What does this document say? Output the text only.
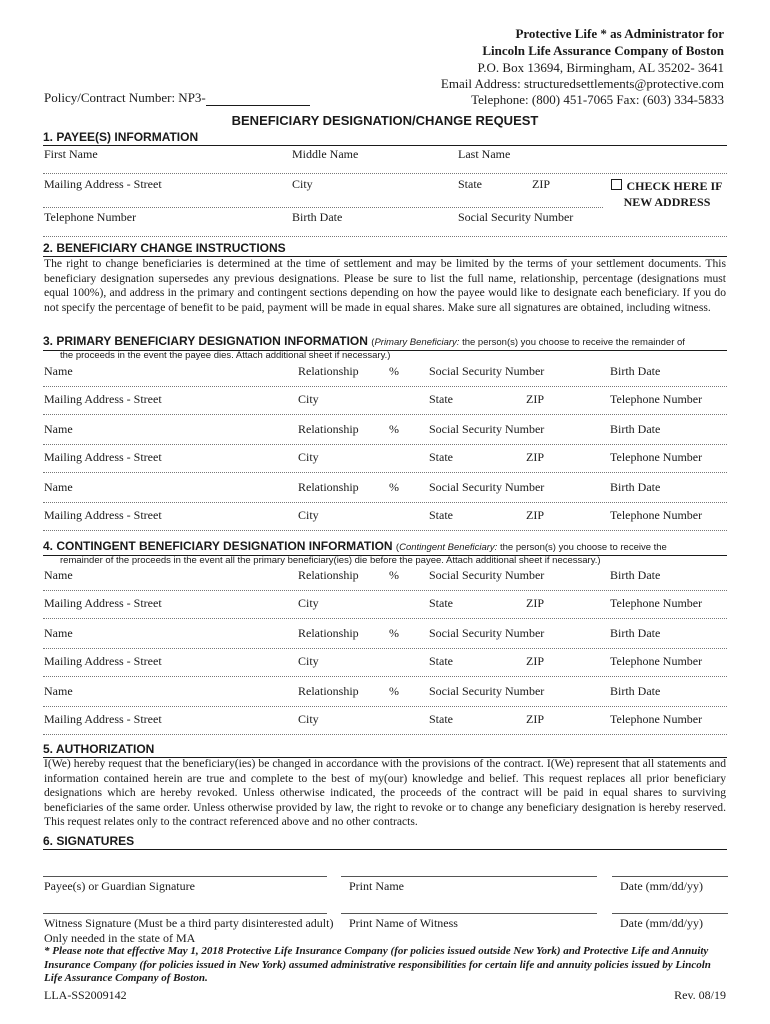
Protective Life * as Administrator for
Lincoln Life Assurance Company of Boston
P.O. Box 13694, Birmingham, AL 35202- 3641
Email Address: structuredsettlements@protective.com
Telephone: (800) 451-7065 Fax: (603) 334-5833
Policy/Contract Number: NP3-
BENEFICIARY DESIGNATION/CHANGE REQUEST
1. PAYEE(S) INFORMATION
First Name	Middle Name	Last Name
Mailing Address - Street	City	State	ZIP	CHECK HERE IF
NEW ADDRESS
Telephone Number	Birth Date	Social Security Number
2. BENEFICIARY CHANGE INSTRUCTIONS
The right to change beneficiaries is determined at the time of settlement and may be limited by the terms of your settlement documents. This beneficiary designation supersedes any previous designations. Please be sure to list the full name, relationship, percentage (designations must equal 100%), and address in the primary and contingent sections depending on how the payee would like to designate each beneficiary. If you do not specify the percentage of benefit to be paid, payment will be made in equal shares. Make sure all signatures are obtained, including witness.
3. PRIMARY BENEFICIARY DESIGNATION INFORMATION (Primary Beneficiary: the person(s) you choose to receive the remainder of
the proceeds in the event the payee dies. Attach additional sheet if necessary.)
Name	Relationship	%	Social Security Number	Birth Date
Mailing Address - Street	City	State	ZIP	Telephone Number
Name	Relationship	%	Social Security Number	Birth Date
Mailing Address - Street	City	State	ZIP	Telephone Number
Name	Relationship	%	Social Security Number	Birth Date
Mailing Address - Street	City	State	ZIP	Telephone Number
4. CONTINGENT BENEFICIARY DESIGNATION INFORMATION (Contingent Beneficiary: the person(s) you choose to receive the
remainder of the proceeds in the event all the primary beneficiary(ies) die before the payee. Attach additional sheet if necessary.)
Name	Relationship	%	Social Security Number	Birth Date
Mailing Address - Street	City	State	ZIP	Telephone Number
Name	Relationship	%	Social Security Number	Birth Date
Mailing Address - Street	City	State	ZIP	Telephone Number
Name	Relationship	%	Social Security Number	Birth Date
Mailing Address - Street	City	State	ZIP	Telephone Number
5. AUTHORIZATION
I(We) hereby request that the beneficiary(ies) be changed in accordance with the provisions of the contract. I(We) represent that all statements and information contained herein are true and complete to the best of my(our) knowledge and belief. This request replaces all prior beneficiary designations which are hereby revoked. Unless otherwise indicated, the proceeds of the contract will be paid in equal shares to surviving beneficiaries of the same order. Unless otherwise provided by law, the right to revoke or to change any beneficiary designation is hereby reserved. This request relates only to the contract referenced above and no other contracts.
6. SIGNATURES
Payee(s) or Guardian Signature	Print Name	Date (mm/dd/yy)
Witness Signature (Must be a third party disinterested adult) Print Name of Witness	Date (mm/dd/yy)
Only needed in the state of MA
* Please note that effective May 1, 2018 Protective Life Insurance Company (for policies issued outside New York) and Protective Life and Annuity Insurance Company (for policies issued in New York) assumed administrative responsibilities for certain life and annuity policies issued by Lincoln Life Assurance Company of Boston.
LLA-SS2009142	Rev. 08/19
